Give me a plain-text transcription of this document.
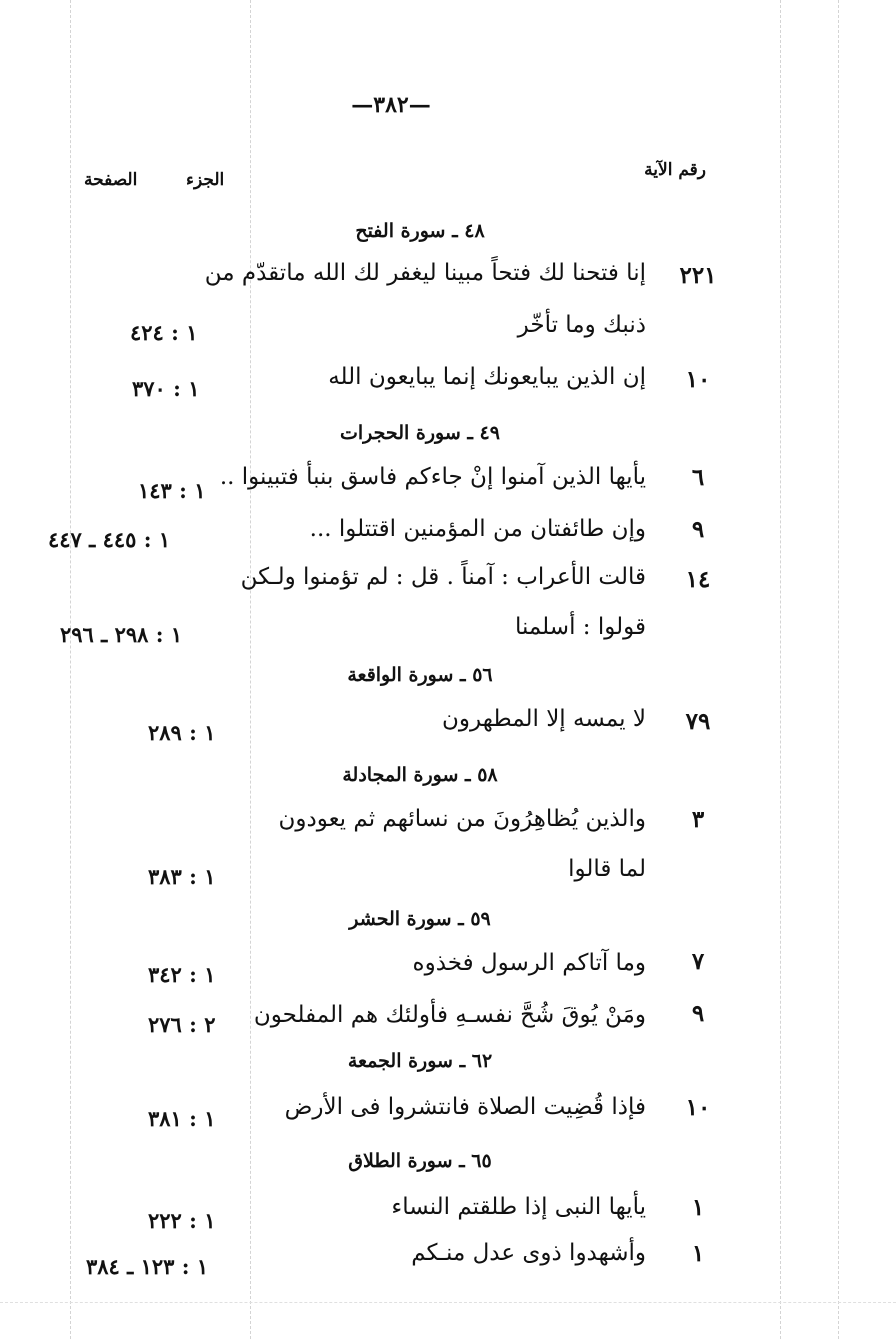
—٣٨٢—
رقم الآية
الجزء
الصفحة
٤٨ ـ سورة الفتح
٢٢١
إنا فتحنا لك فتحاً مبينا ليغفر لك الله ماتقدّم من
ذنبك وما تأخّر
١ : ٤٢٤
١٠
إن الذين يبايعونك إنما يبايعون الله
١ : ٣٧٠
٤٩ ـ سورة الحجرات
٦
يأيها الذين آمنوا إنْ جاءكم فاسق بنبأ فتبينوا ..
١ : ١٤٣
٩
وإن طائفتان من المؤمنين اقتتلوا ...
١ : ٤٤٥ ـ ٤٤٧
١٤
قالت الأعراب : آمناً . قل : لم تؤمنوا ولـكن
قولوا : أسلمنا
١ : ٢٩٨ ـ ٢٩٦
٥٦ ـ سورة الواقعة
٧٩
لا يمسه إلا المطهرون
١ : ٢٨٩
٥٨ ـ سورة المجادلة
٣
والذين يُظاهِرُونَ من نسائهم ثم يعودون
لما قالوا
١ : ٣٨٣
٥٩ ـ سورة الحشر
٧
وما آتاكم الرسول فخذوه
١ : ٣٤٢
٩
ومَنْ يُوقَ شُحَّ نفسـهِ فأولئك هم المفلحون
٢ : ٢٧٦
٦٢ ـ سورة الجمعة
١٠
فإذا قُضِيت الصلاة فانتشروا فى الأرض
١ : ٣٨١
٦٥ ـ سورة الطلاق
١
يأيها النبى إذا طلقتم النساء
١ : ٢٢٢
١
وأشهدوا ذوى عدل منـكم
١ : ١٢٣ ـ ٣٨٤
